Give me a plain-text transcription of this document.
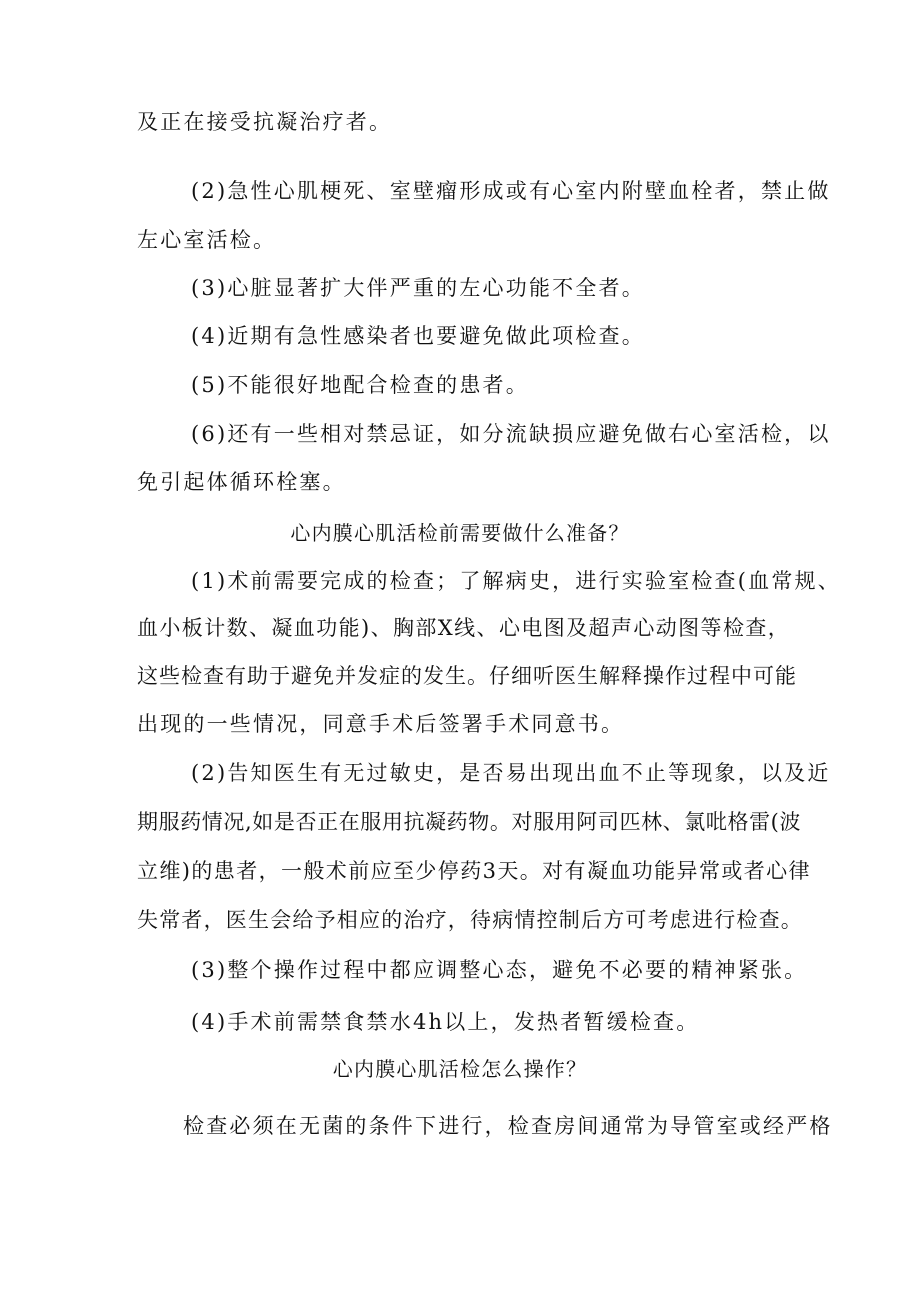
及正在接受抗凝治疗者。
(2)急性心肌梗死、室壁瘤形成或有心室内附壁血栓者，禁止做
左心室活检。
(3)心脏显著扩大伴严重的左心功能不全者。
(4)近期有急性感染者也要避免做此项检查。
(5)不能很好地配合检查的患者。
(6)还有一些相对禁忌证，如分流缺损应避免做右心室活检，以
免引起体循环栓塞。
心内膜心肌活检前需要做什么准备？
(1)术前需要完成的检查；了解病史，进行实验室检查(血常规、
血小板计数、凝血功能)、胸部X线、心电图及超声心动图等检查，
这些检查有助于避免并发症的发生。仔细听医生解释操作过程中可能
出现的一些情况，同意手术后签署手术同意书。
(2)告知医生有无过敏史，是否易出现出血不止等现象，以及近
期服药情况,如是否正在服用抗凝药物。对服用阿司匹林、氯吡格雷(波
立维)的患者，一般术前应至少停药3天。对有凝血功能异常或者心律
失常者，医生会给予相应的治疗，待病情控制后方可考虑进行检查。
(3)整个操作过程中都应调整心态，避免不必要的精神紧张。
(4)手术前需禁食禁水4h以上，发热者暂缓检查。
心内膜心肌活检怎么操作？
检查必须在无菌的条件下进行，检查房间通常为导管室或经严格
